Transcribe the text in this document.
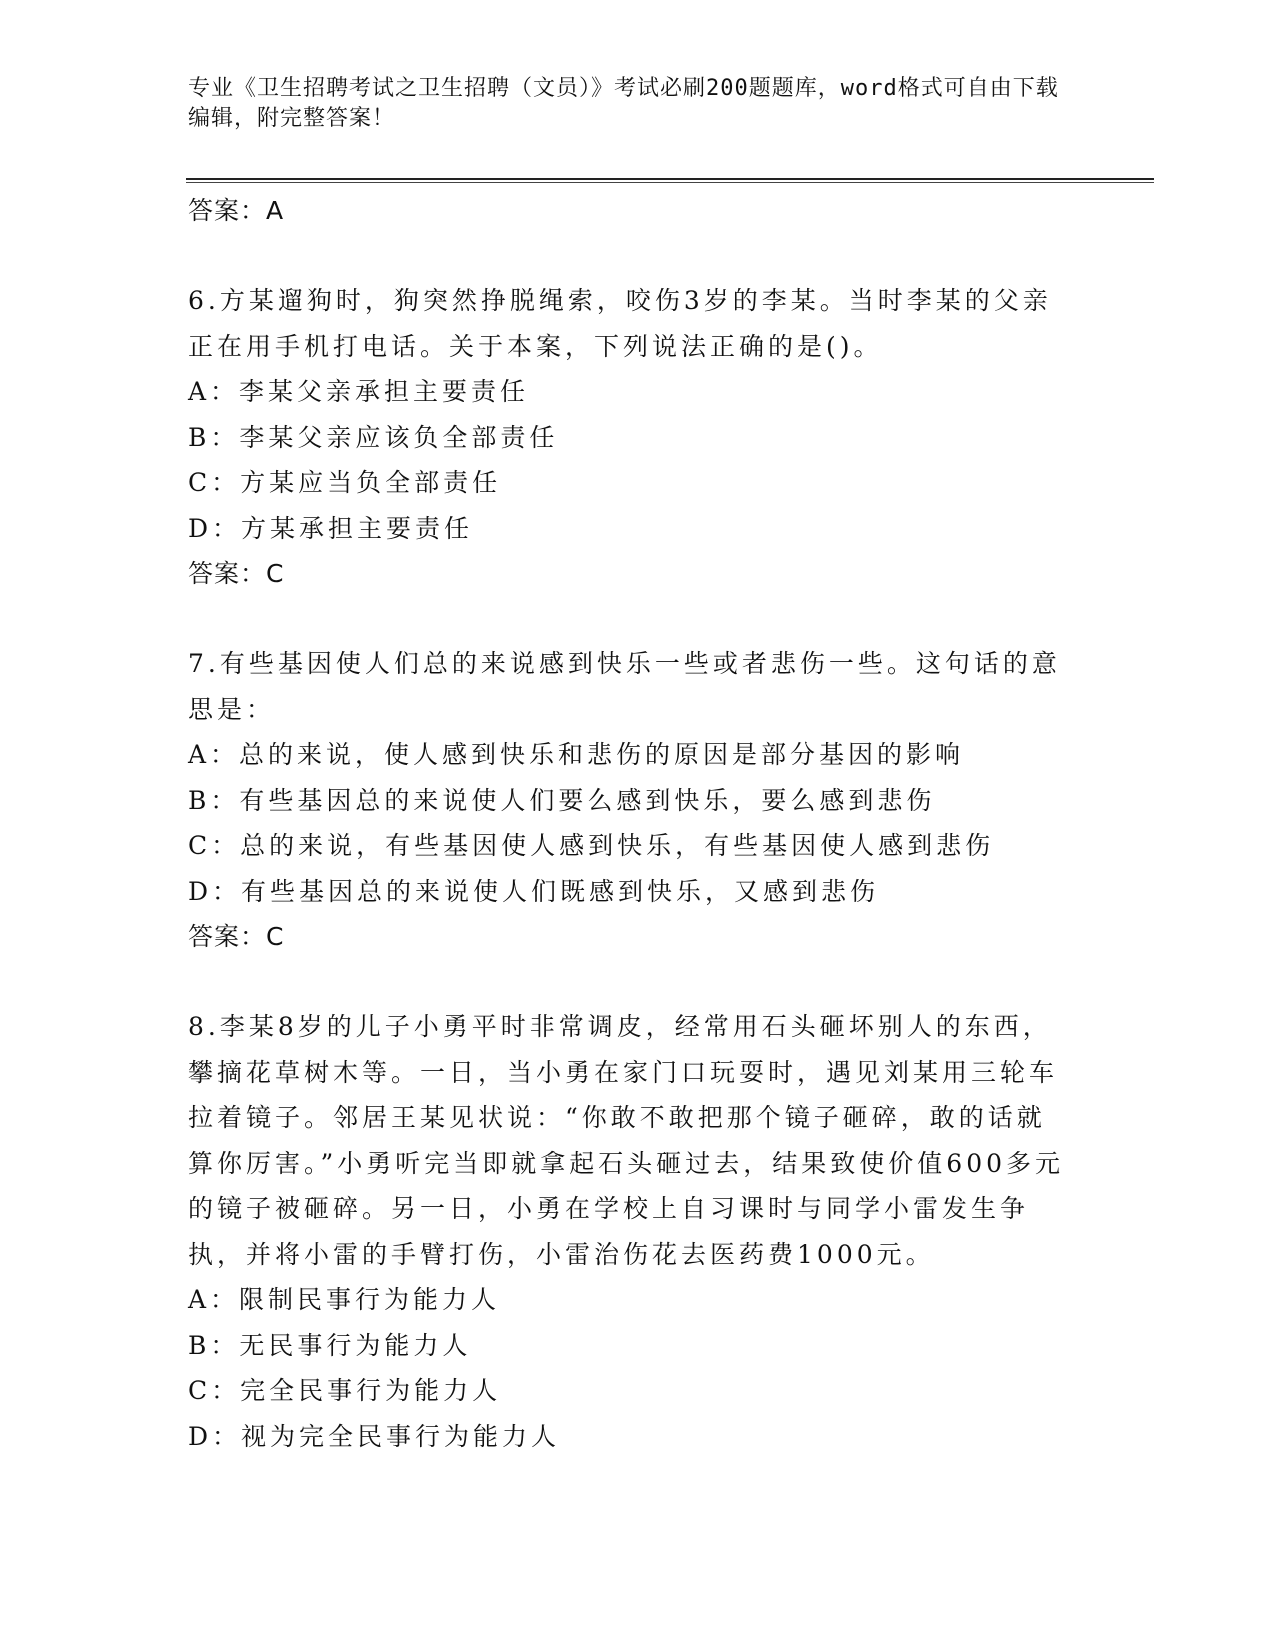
专业《卫生招聘考试之卫生招聘（文员）》考试必刷200题题库，word格式可自由下载编辑，附完整答案！
答案：A
6.方某遛狗时，狗突然挣脱绳索，咬伤3岁的李某。当时李某的父亲正在用手机打电话。关于本案，下列说法正确的是()。
A：李某父亲承担主要责任
B：李某父亲应该负全部责任
C：方某应当负全部责任
D：方某承担主要责任
答案：C
7.有些基因使人们总的来说感到快乐一些或者悲伤一些。这句话的意思是：
A：总的来说，使人感到快乐和悲伤的原因是部分基因的影响
B：有些基因总的来说使人们要么感到快乐，要么感到悲伤
C：总的来说，有些基因使人感到快乐，有些基因使人感到悲伤
D：有些基因总的来说使人们既感到快乐，又感到悲伤
答案：C
8.李某8岁的儿子小勇平时非常调皮，经常用石头砸坏别人的东西，攀摘花草树木等。一日，当小勇在家门口玩耍时，遇见刘某用三轮车拉着镜子。邻居王某见状说：“你敢不敢把那个镜子砸碎，敢的话就算你厉害。”小勇听完当即就拿起石头砸过去，结果致使价值600多元的镜子被砸碎。另一日，小勇在学校上自习课时与同学小雷发生争执，并将小雷的手臂打伤，小雷治伤花去医药费1000元。
A：限制民事行为能力人
B：无民事行为能力人
C：完全民事行为能力人
D：视为完全民事行为能力人
